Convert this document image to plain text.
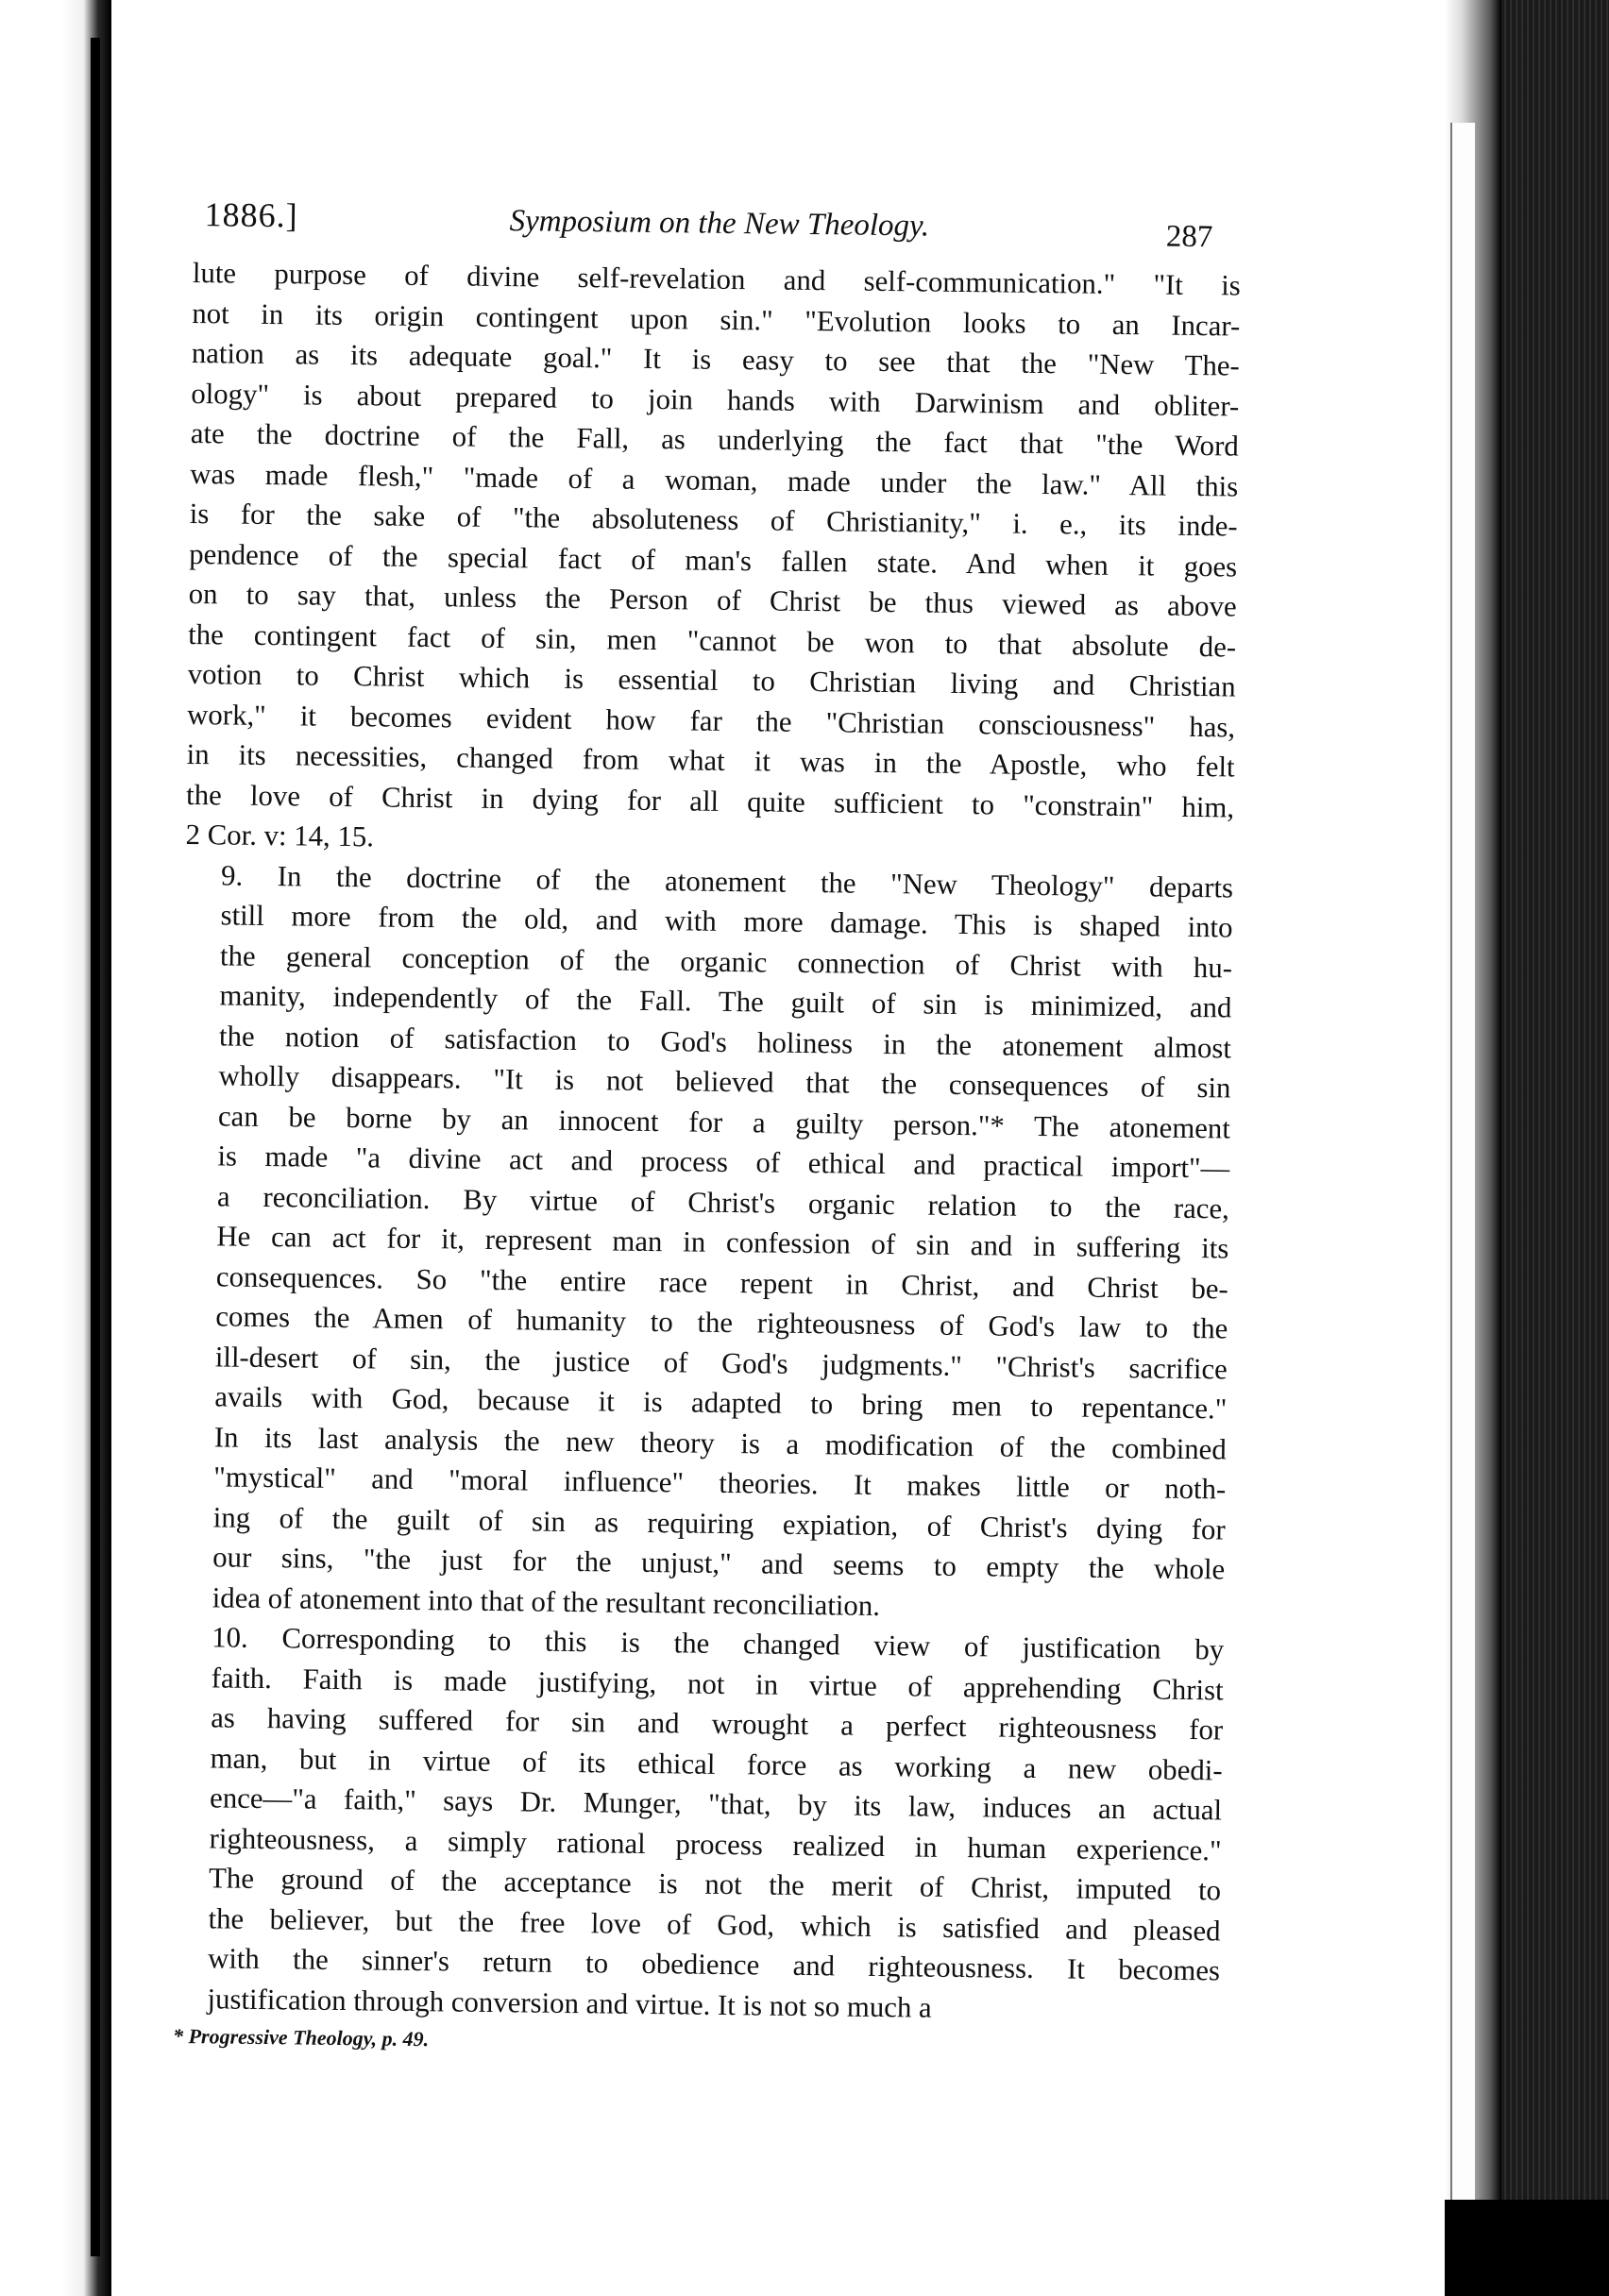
1886.]	Symposium on the New Theology.	287

lute purpose of divine self-revelation and self-communication." "It is
not in its origin contingent upon sin." "Evolution looks to an Incar-
nation as its adequate goal." It is easy to see that the "New The-
ology" is about prepared to join hands with Darwinism and obliter-
ate the doctrine of the Fall, as underlying the fact that "the Word
was made flesh," "made of a woman, made under the law." All this
is for the sake of "the absoluteness of Christianity," i. e., its inde-
pendence of the special fact of man's fallen state. And when it goes
on to say that, unless the Person of Christ be thus viewed as above
the contingent fact of sin, men "cannot be won to that absolute de-
votion to Christ which is essential to Christian living and Christian
work," it becomes evident how far the "Christian consciousness" has,
in its necessities, changed from what it was in the Apostle, who felt
the love of Christ in dying for all quite sufficient to "constrain" him,
2 Cor. v: 14, 15.

9. In the doctrine of the atonement the "New Theology" departs
still more from the old, and with more damage. This is shaped into
the general conception of the organic connection of Christ with hu-
manity, independently of the Fall. The guilt of sin is minimized, and
the notion of satisfaction to God's holiness in the atonement almost
wholly disappears. "It is not believed that the consequences of sin
can be borne by an innocent for a guilty person."* The atonement
is made "a divine act and process of ethical and practical import"—
a reconciliation. By virtue of Christ's organic relation to the race,
He can act for it, represent man in confession of sin and in suffering its
consequences. So "the entire race repent in Christ, and Christ be-
comes the Amen of humanity to the righteousness of God's law to the
ill-desert of sin, the justice of God's judgments." "Christ's sacrifice
avails with God, because it is adapted to bring men to repentance."
In its last analysis the new theory is a modification of the combined
"mystical" and "moral influence" theories. It makes little or noth-
ing of the guilt of sin as requiring expiation, of Christ's dying for
our sins, "the just for the unjust," and seems to empty the whole
idea of atonement into that of the resultant reconciliation.

10. Corresponding to this is the changed view of justification by
faith. Faith is made justifying, not in virtue of apprehending Christ
as having suffered for sin and wrought a perfect righteousness for
man, but in virtue of its ethical force as working a new obedi-
ence—"a faith," says Dr. Munger, "that, by its law, induces an actual
righteousness, a simply rational process realized in human experience."
The ground of the acceptance is not the merit of Christ, imputed to
the believer, but the free love of God, which is satisfied and pleased
with the sinner's return to obedience and righteousness. It becomes
justification through conversion and virtue. It is not so much a

* Progressive Theology, p. 49.
